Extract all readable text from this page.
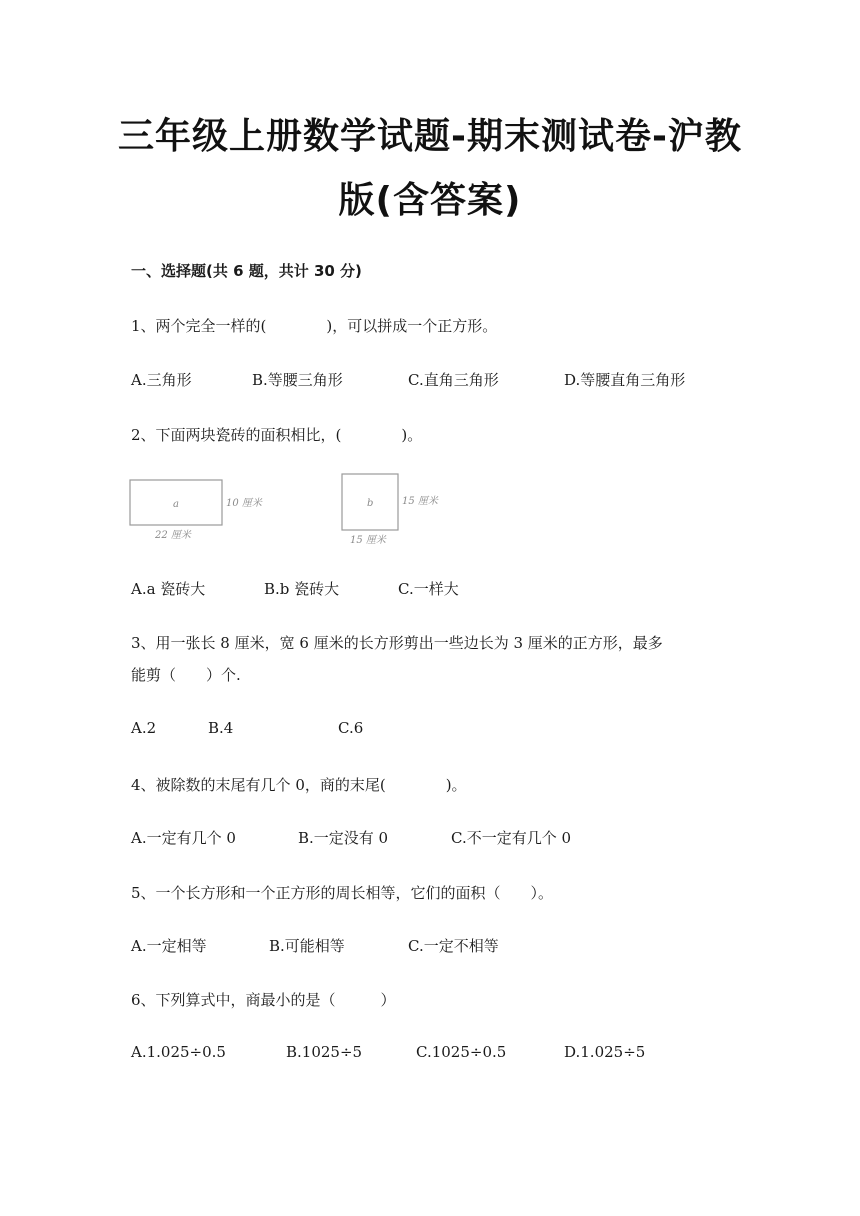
三年级上册数学试题-期末测试卷-沪教
版(含答案)
一、选择题(共 6 题，共计 30 分)
1、两个完全一样的(　　　　)，可以拼成一个正方形。
A.三角形	B.等腰三角形	C.直角三角形	D.等腰直角三角形
2、下面两块瓷砖的面积相比，(　　　　)。
a	10 厘米
22 厘米
b	15 厘米
15 厘米
A.a 瓷砖大	B.b 瓷砖大	C.一样大
3、用一张长 8 厘米，宽 6 厘米的长方形剪出一些边长为 3 厘米的正方形，最多
能剪（　　）个.
A.2	B.4	C.6
4、被除数的末尾有几个 0，商的末尾(　　　　)。
A.一定有几个 0	B.一定没有 0	C.不一定有几个 0
5、一个长方形和一个正方形的周长相等，它们的面积（　　）。
A.一定相等	B.可能相等	C.一定不相等
6、下列算式中，商最小的是（　　　）
A.1.025÷0.5	B.1025÷5	C.1025÷0.5	D.1.025÷5
